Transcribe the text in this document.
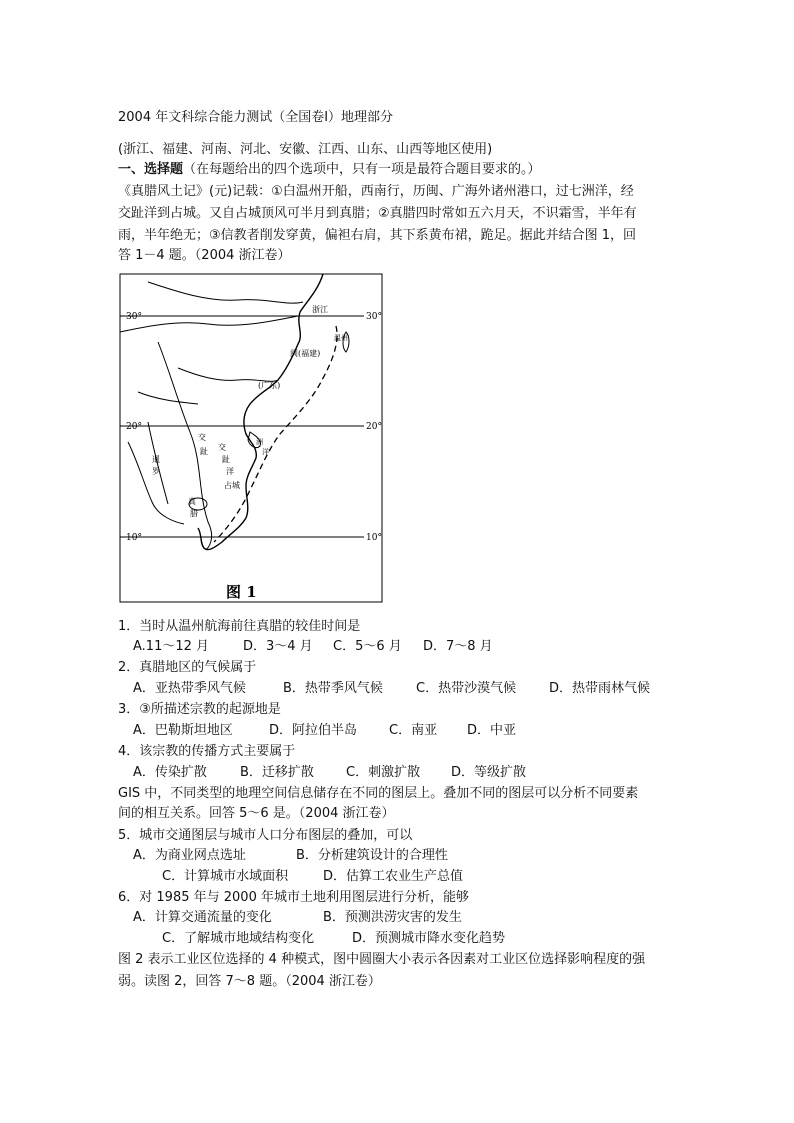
2004 年文科综合能力测试（全国卷Ⅰ）地理部分
(浙江、福建、河南、河北、安徽、江西、山东、山西等地区使用)
一、选择题（在每题给出的四个选项中，只有一项是最符合题目要求的。）
《真腊风土记》(元)记载：①白温州开船，西南行，历闽、广海外诸州港口，过七洲洋，经
交趾洋到占城。又自占城顶风可半月到真腊；②真腊四时常如五六月天，不识霜雪，半年有
雨，半年绝无；③信教者削发穿黄，偏袒右肩，其下系黄布裙，跪足。据此并结合图 1，回
答 1－4 题。（2004 浙江卷）
30°	30°
20°	20°
10°	10°
浙江
温州
闽(福建)
(广东)
交
趾 交
趾
洋
暹
罗
占城
真
腊
洲
洋
图 1
1．当时从温州航海前往真腊的较佳时间是
A.11～12 月	D．3～4 月 C．5～6 月 D．7～8 月
2．真腊地区的气候属于
A．亚热带季风气候	B．热带季风气候	C．热带沙漠气候	D．热带雨林气候
3．③所描述宗教的起源地是
A．巴勒斯坦地区	D．阿拉伯半岛 C．南亚 D．中亚
4．该宗教的传播方式主要属于
A．传染扩散	B．迁移扩散 C．刺激扩散 D．等级扩散
GIS 中，不同类型的地理空间信息储存在不同的图层上。叠加不同的图层可以分析不同要素
间的相互关系。回答 5～6 是。（2004 浙江卷）
5．城市交通图层与城市人口分布图层的叠加，可以
A．为商业网点选址	B．分析建筑设计的合理性
C．计算城市水域面积	D．估算工农业生产总值
6．对 1985 年与 2000 年城市土地利用图层进行分析，能够
A．计算交通流量的变化	B．预测洪涝灾害的发生
C．了解城市地域结构变化	D．预测城市降水变化趋势
图 2 表示工业区位选择的 4 种模式，图中圆圈大小表示各因素对工业区位选择影响程度的强
弱。读图 2，回答 7～8 题。（2004 浙江卷）
